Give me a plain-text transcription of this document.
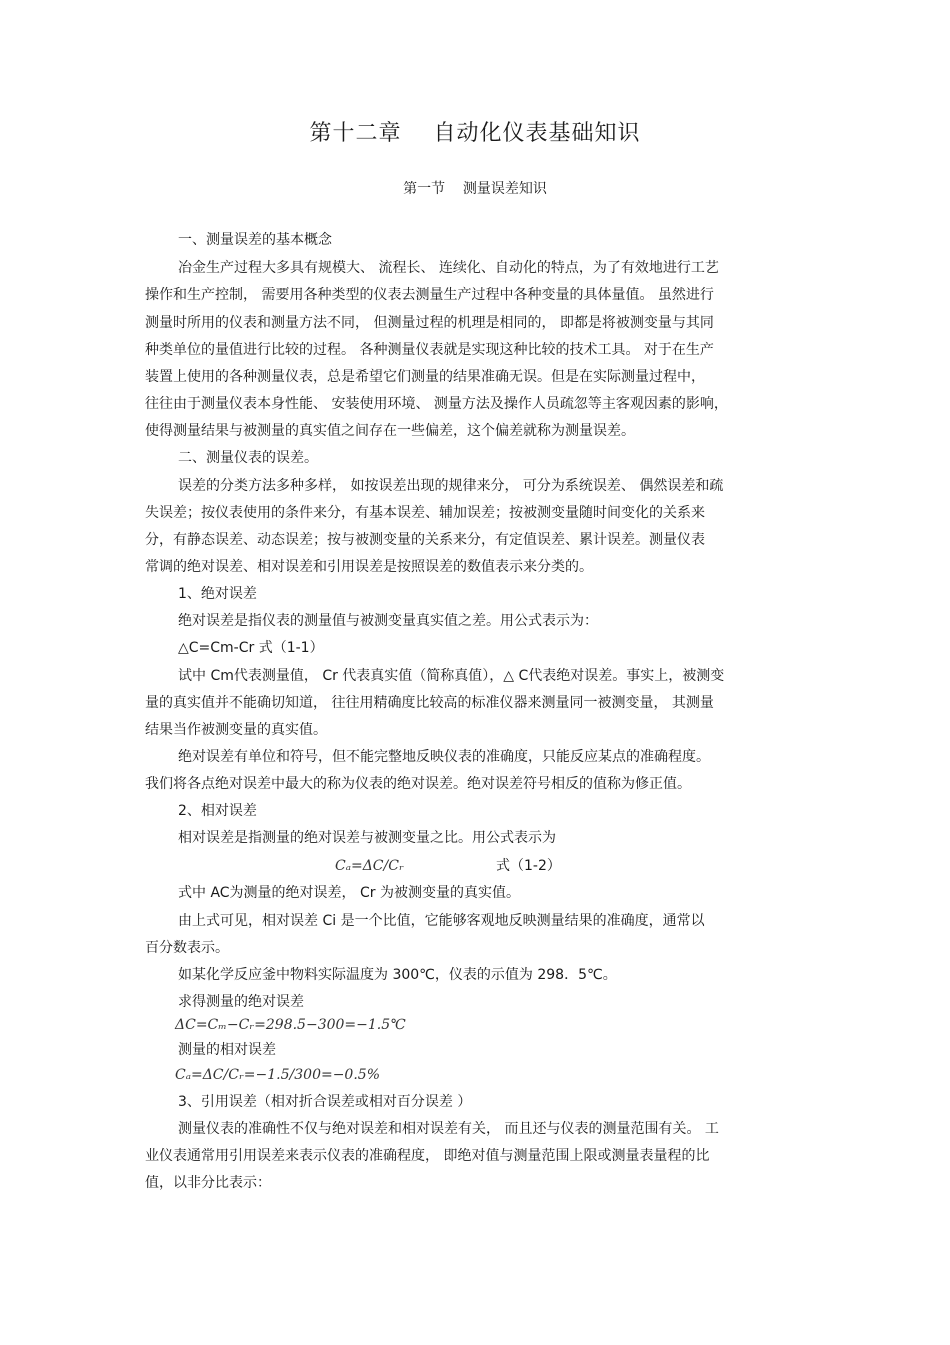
第十二章    自动化仪表基础知识
第一节    测量误差知识
一、测量误差的基本概念
冶金生产过程大多具有规模大、 流程长、 连续化、自动化的特点，为了有效地进行工艺
操作和生产控制， 需要用各种类型的仪表去测量生产过程中各种变量的具体量值。 虽然进行
测量时所用的仪表和测量方法不同， 但测量过程的机理是相同的， 即都是将被测变量与其同
种类单位的量值进行比较的过程。 各种测量仪表就是实现这种比较的技术工具。 对于在生产
装置上使用的各种测量仪表，总是希望它们测量的结果准确无误。但是在实际测量过程中，
往往由于测量仪表本身性能、 安装使用环境、 测量方法及操作人员疏忽等主客观因素的影响，
使得测量结果与被测量的真实值之间存在一些偏差，这个偏差就称为测量误差。
二、测量仪表的误差。
误差的分类方法多种多样， 如按误差出现的规律来分， 可分为系统误差、 偶然误差和疏
失误差；按仪表使用的条件来分，有基本误差、辅加误差；按被测变量随时间变化的关系来
分，有静态误差、动态误差；按与被测变量的关系来分，有定值误差、累计误差。测量仪表
常调的绝对误差、相对误差和引用误差是按照误差的数值表示来分类的。
1、绝对误差
绝对误差是指仪表的测量值与被测变量真实值之差。用公式表示为：
△C=Cm-Cr 式（1-1）
试中 Cm代表测量值， Cr 代表真实值（简称真值），△ C代表绝对误差。事实上，被测变
量的真实值并不能确切知道， 往往用精确度比较高的标准仪器来测量同一被测变量， 其测量
结果当作被测变量的真实值。
绝对误差有单位和符号，但不能完整地反映仪表的准确度，只能反应某点的准确程度。
我们将各点绝对误差中最大的称为仪表的绝对误差。绝对误差符号相反的值称为修正值。
2、相对误差
相对误差是指测量的绝对误差与被测变量之比。用公式表示为
Cₐ=ΔC/Cᵣ	式（1-2）
式中 AC为测量的绝对误差， Cr 为被测变量的真实值。
由上式可见，相对误差 Ci 是一个比值，它能够客观地反映测量结果的准确度，通常以
百分数表示。
如某化学反应釜中物料实际温度为 300℃，仪表的示值为 298．5℃。
求得测量的绝对误差
ΔC=Cₘ−Cᵣ=298.5−300=−1.5℃
测量的相对误差
Cₐ=ΔC/Cᵣ=−1.5/300=−0.5%
3、引用误差（相对折合误差或相对百分误差 ）
测量仪表的准确性不仅与绝对误差和相对误差有关， 而且还与仪表的测量范围有关。 工
业仪表通常用引用误差来表示仪表的准确程度， 即绝对值与测量范围上限或测量表量程的比
值，以非分比表示：
